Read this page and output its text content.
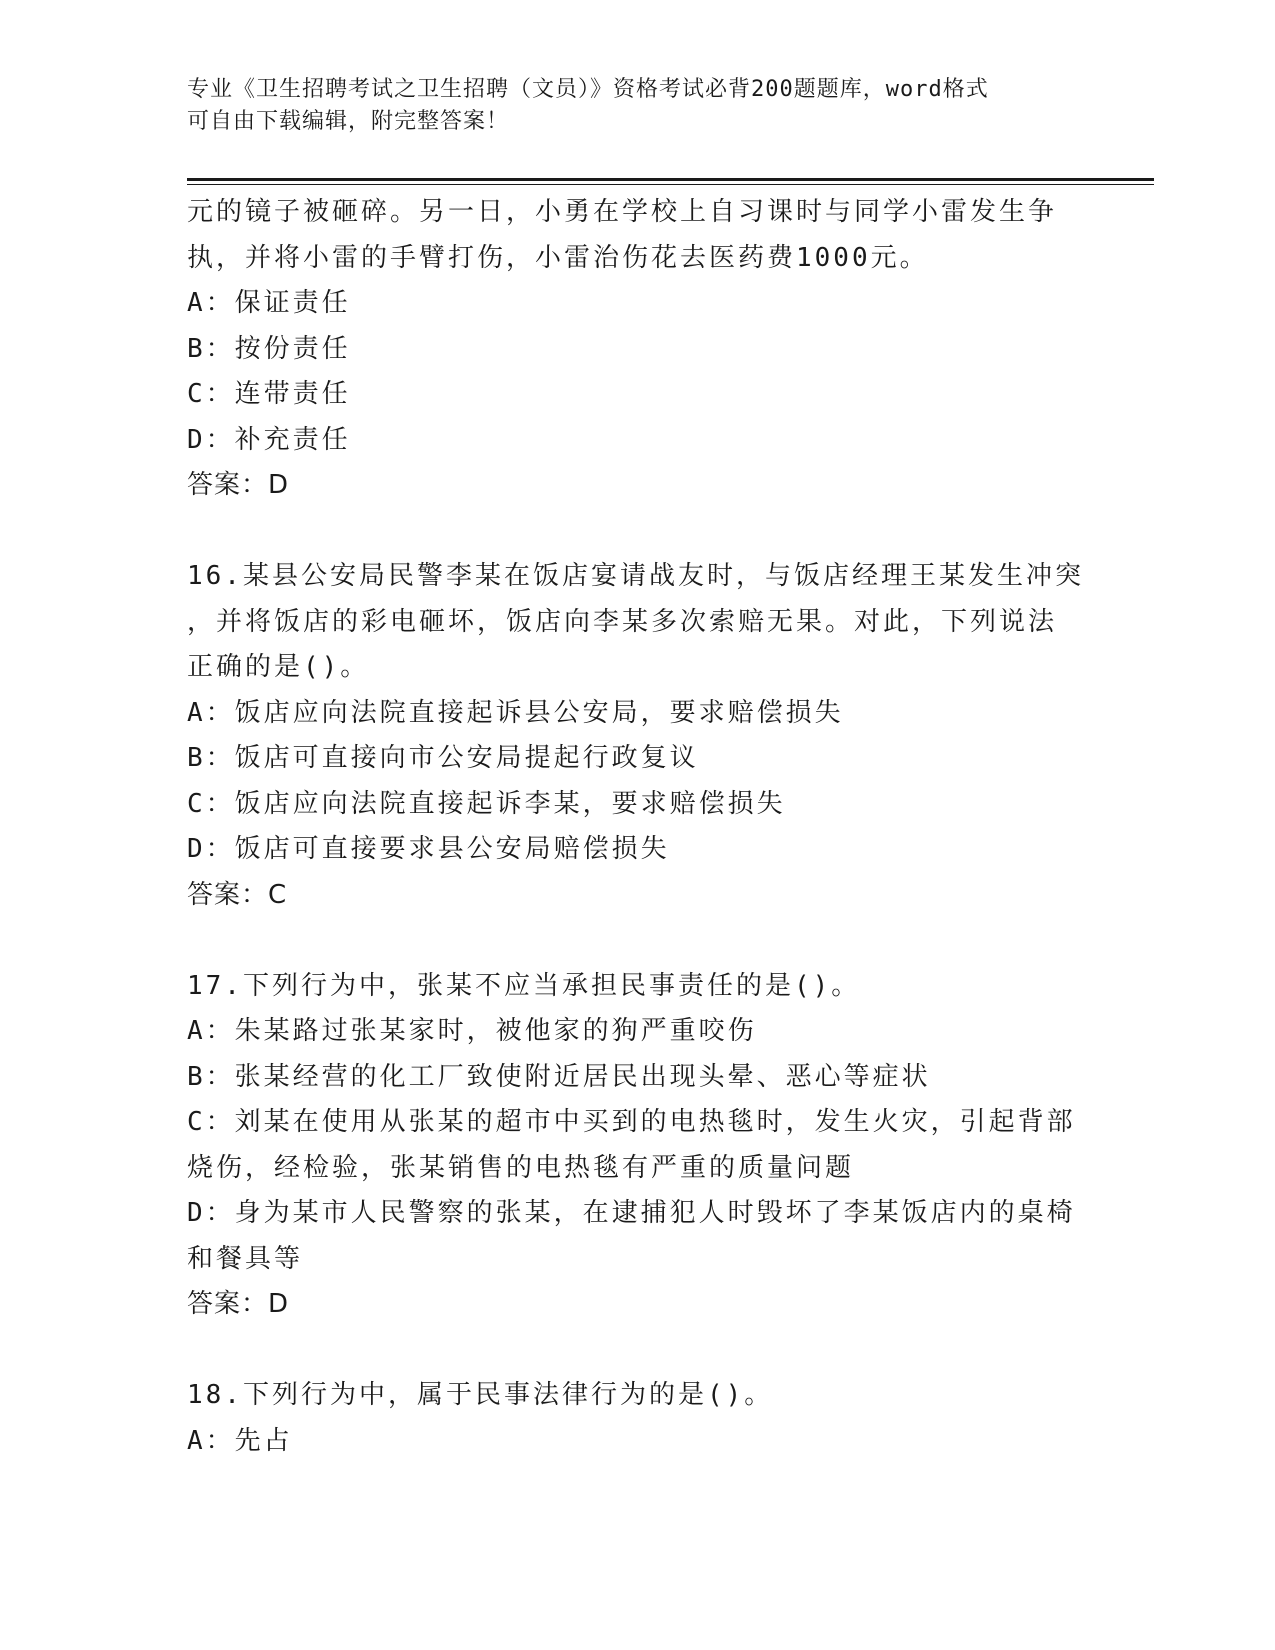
专业《卫生招聘考试之卫生招聘（文员）》资格考试必背200题题库，word格式
可自由下载编辑，附完整答案！
元的镜子被砸碎。另一日，小勇在学校上自习课时与同学小雷发生争
执，并将小雷的手臂打伤，小雷治伤花去医药费1000元。
A：保证责任
B：按份责任
C：连带责任
D：补充责任
答案：D
16.某县公安局民警李某在饭店宴请战友时，与饭店经理王某发生冲突
，并将饭店的彩电砸坏，饭店向李某多次索赔无果。对此，下列说法
正确的是()。
A：饭店应向法院直接起诉县公安局，要求赔偿损失
B：饭店可直接向市公安局提起行政复议
C：饭店应向法院直接起诉李某，要求赔偿损失
D：饭店可直接要求县公安局赔偿损失
答案：C
17.下列行为中，张某不应当承担民事责任的是()。
A：朱某路过张某家时，被他家的狗严重咬伤
B：张某经营的化工厂致使附近居民出现头晕、恶心等症状
C：刘某在使用从张某的超市中买到的电热毯时，发生火灾，引起背部
烧伤，经检验，张某销售的电热毯有严重的质量问题
D：身为某市人民警察的张某，在逮捕犯人时毁坏了李某饭店内的桌椅
和餐具等
答案：D
18.下列行为中，属于民事法律行为的是()。
A：先占
